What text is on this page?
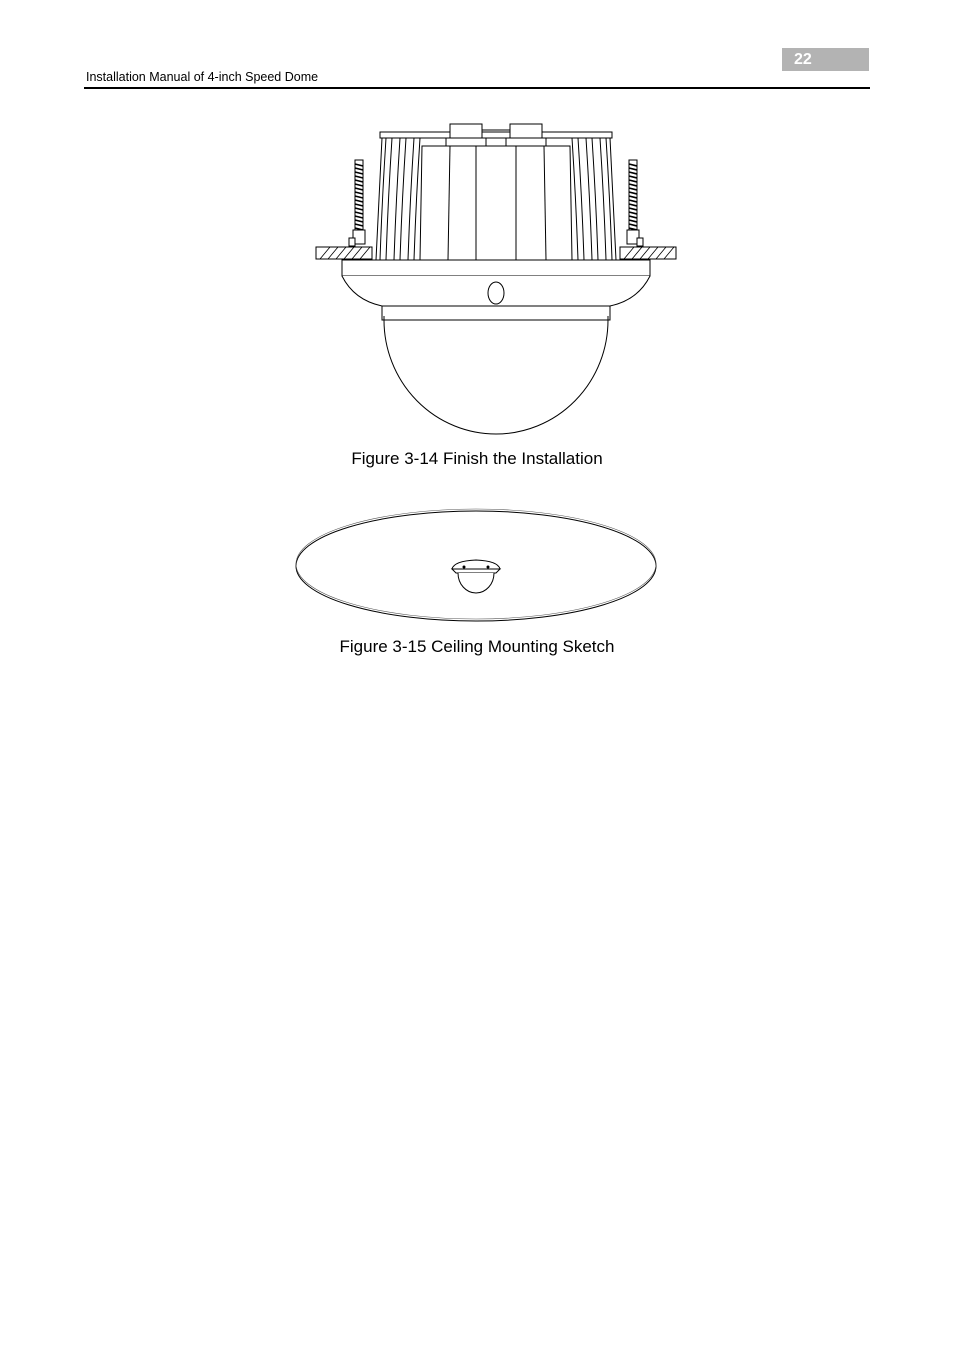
22
Installation Manual of 4-inch Speed Dome
Figure 3-14 Finish the Installation
Figure 3-15 Ceiling Mounting Sketch
